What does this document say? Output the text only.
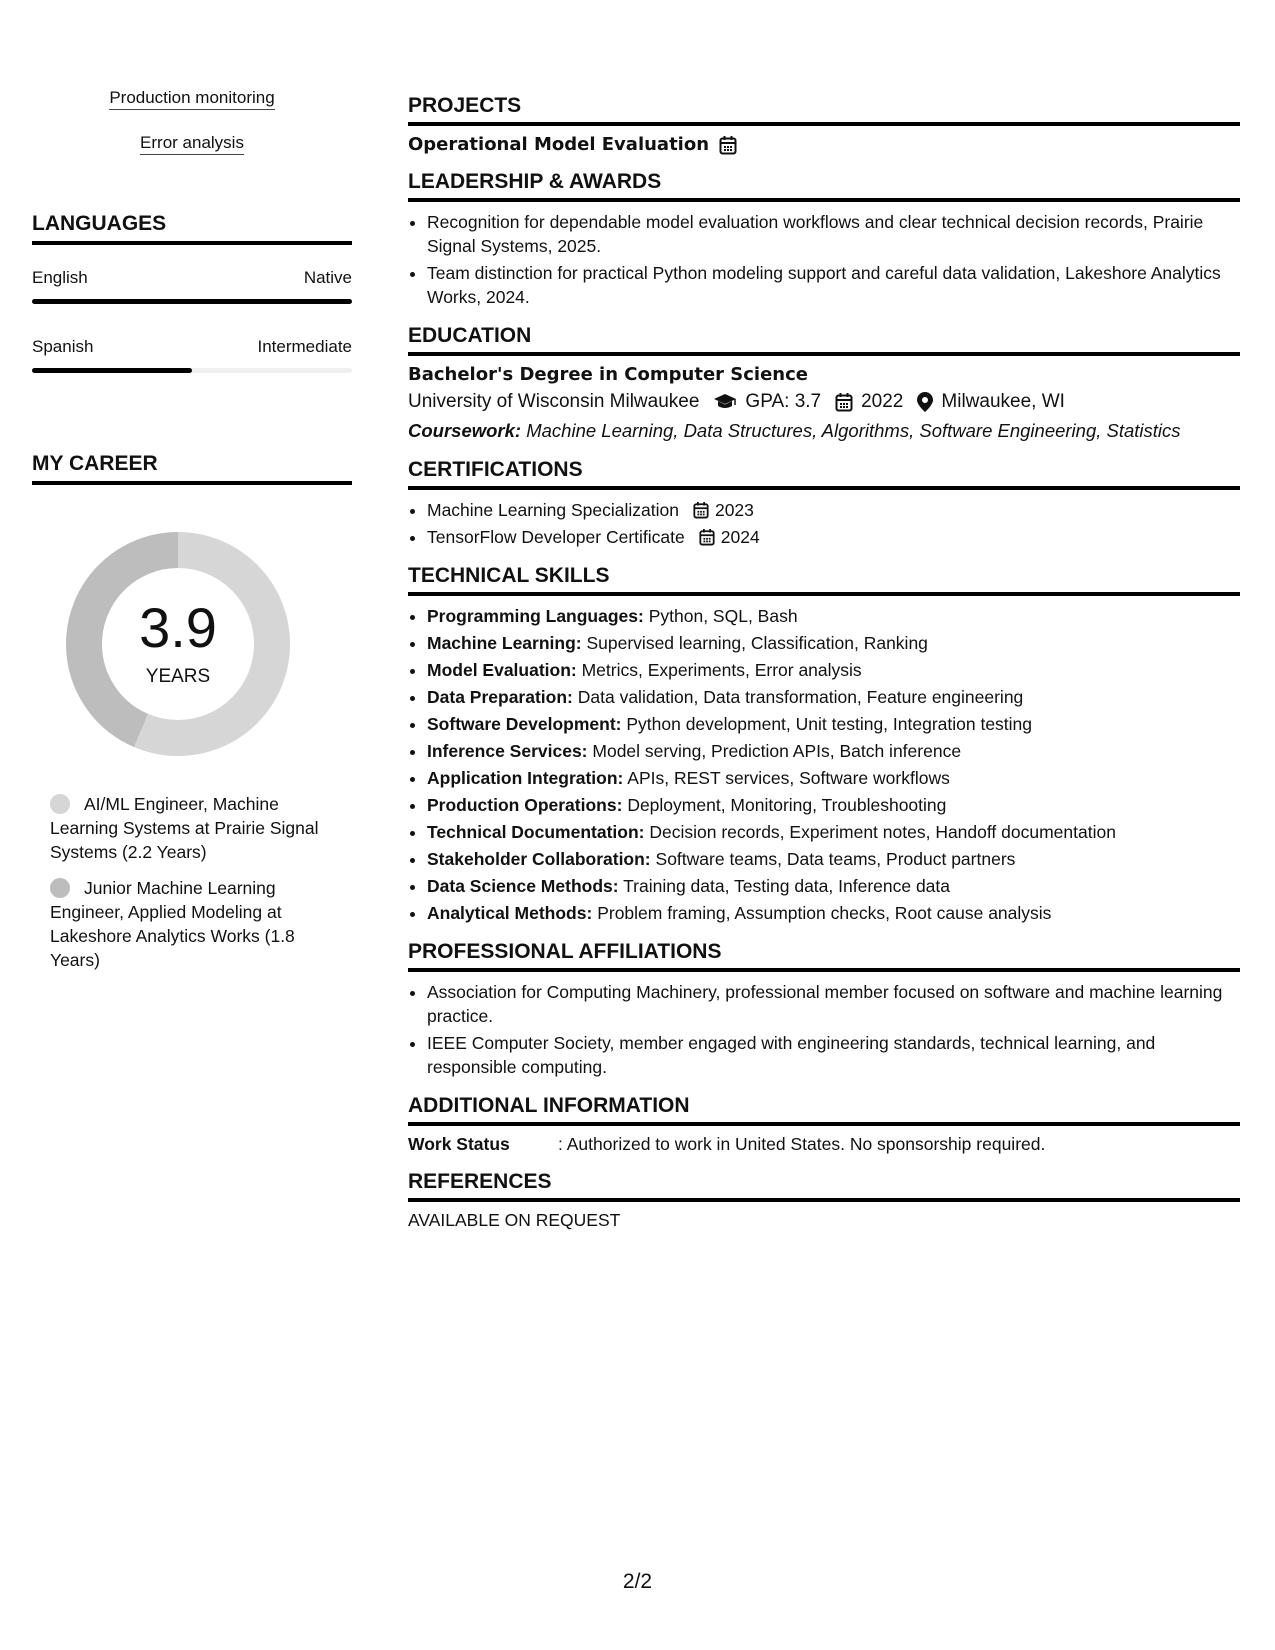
Production monitoring
Error analysis
LANGUAGES
English	Native
Spanish	Intermediate
MY CAREER
3.9
YEARS
AI/ML Engineer, Machine Learning Systems at Prairie Signal Systems (2.2 Years)
Junior Machine Learning Engineer, Applied Modeling at Lakeshore Analytics Works (1.8 Years)
PROJECTS
Operational Model Evaluation
LEADERSHIP & AWARDS
• Recognition for dependable model evaluation workflows and clear technical decision records, Prairie Signal Systems, 2025.
• Team distinction for practical Python modeling support and careful data validation, Lakeshore Analytics Works, 2024.
EDUCATION
Bachelor's Degree in Computer Science
University of Wisconsin Milwaukee GPA: 3.7 2022 Milwaukee, WI
Coursework: Machine Learning, Data Structures, Algorithms, Software Engineering, Statistics
CERTIFICATIONS
• Machine Learning Specialization 2023
• TensorFlow Developer Certificate 2024
TECHNICAL SKILLS
• Programming Languages: Python, SQL, Bash
• Machine Learning: Supervised learning, Classification, Ranking
• Model Evaluation: Metrics, Experiments, Error analysis
• Data Preparation: Data validation, Data transformation, Feature engineering
• Software Development: Python development, Unit testing, Integration testing
• Inference Services: Model serving, Prediction APIs, Batch inference
• Application Integration: APIs, REST services, Software workflows
• Production Operations: Deployment, Monitoring, Troubleshooting
• Technical Documentation: Decision records, Experiment notes, Handoff documentation
• Stakeholder Collaboration: Software teams, Data teams, Product partners
• Data Science Methods: Training data, Testing data, Inference data
• Analytical Methods: Problem framing, Assumption checks, Root cause analysis
PROFESSIONAL AFFILIATIONS
• Association for Computing Machinery, professional member focused on software and machine learning practice.
• IEEE Computer Society, member engaged with engineering standards, technical learning, and responsible computing.
ADDITIONAL INFORMATION
Work Status	: Authorized to work in United States. No sponsorship required.
REFERENCES
AVAILABLE ON REQUEST
2/2
